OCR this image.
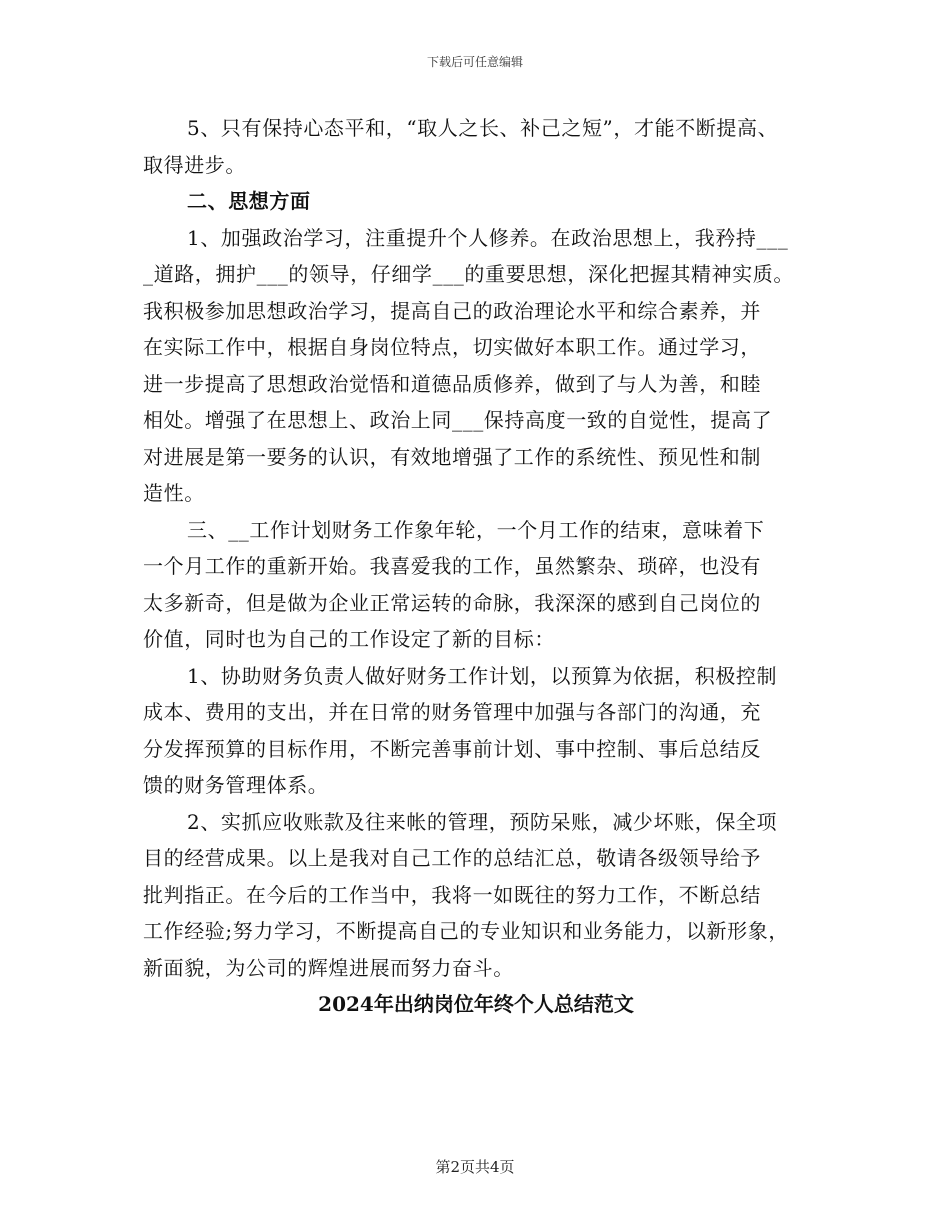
下载后可任意编辑
5、只有保持心态平和，“取人之长、补己之短”，才能不断提高、
取得进步。
二、思想方面
1、加强政治学习，注重提升个人修养。在政治思想上，我矜持___
_道路，拥护___的领导，仔细学___的重要思想，深化把握其精神实质。
我积极参加思想政治学习，提高自己的政治理论水平和综合素养，并
在实际工作中，根据自身岗位特点，切实做好本职工作。通过学习，
进一步提高了思想政治觉悟和道德品质修养，做到了与人为善，和睦
相处。增强了在思想上、政治上同___保持高度一致的自觉性，提高了
对进展是第一要务的认识，有效地增强了工作的系统性、预见性和制
造性。
三、__工作计划财务工作象年轮，一个月工作的结束，意味着下
一个月工作的重新开始。我喜爱我的工作，虽然繁杂、琐碎，也没有
太多新奇，但是做为企业正常运转的命脉，我深深的感到自己岗位的
价值，同时也为自己的工作设定了新的目标：
1、协助财务负责人做好财务工作计划，以预算为依据，积极控制
成本、费用的支出，并在日常的财务管理中加强与各部门的沟通，充
分发挥预算的目标作用，不断完善事前计划、事中控制、事后总结反
馈的财务管理体系。
2、实抓应收账款及往来帐的管理，预防呆账，减少坏账，保全项
目的经营成果。以上是我对自己工作的总结汇总，敬请各级领导给予
批判指正。在今后的工作当中，我将一如既往的努力工作，不断总结
工作经验;努力学习，不断提高自己的专业知识和业务能力，以新形象，
新面貌，为公司的辉煌进展而努力奋斗。
2024年出纳岗位年终个人总结范文
第2页共4页
